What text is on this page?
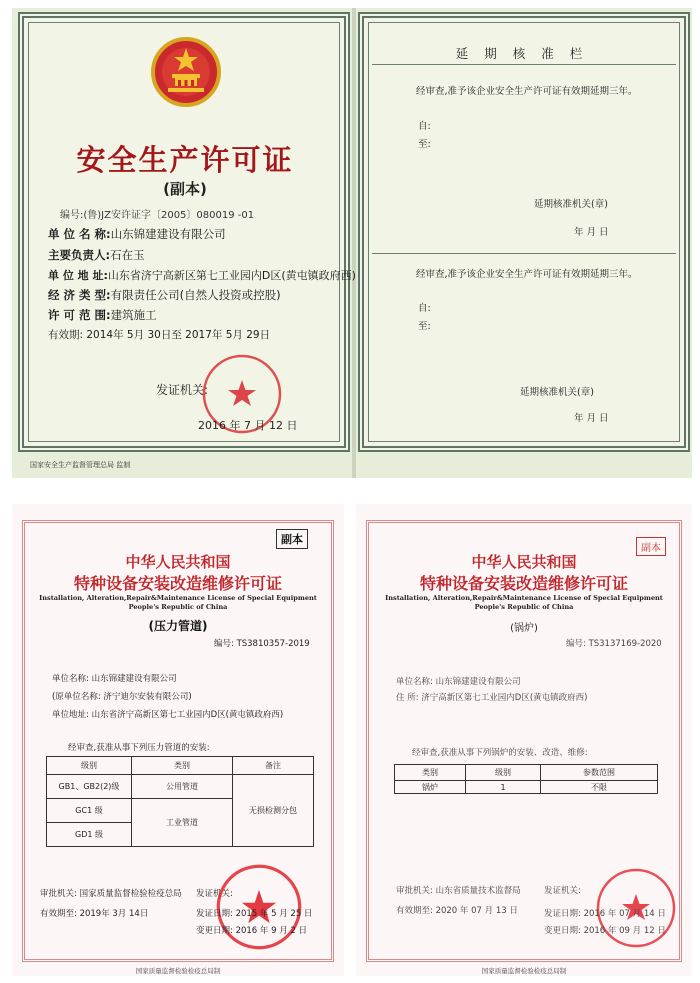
安全生产许可证
(副本)
编号:(鲁)JZ安许证字〔2005〕080019 -01
单 位 名 称:山东锦建建设有限公司
主要负责人:石在玉
单 位 地 址:山东省济宁高新区第七工业园内D区(黄屯镇政府西)
经 济 类 型:有限责任公司(自然人投资或控股)
许 可 范 围:建筑施工
有效期: 2014年 5月 30日至 2017年 5月 29日
发证机关:
2016 年 7 月 12 日
国家安全生产监督管理总局 监制
延 期 核 准 栏
经审查,准予该企业安全生产许可证有效期延期三年。
自:
至:
延期核准机关(章)
年 月 日
经审查,准予该企业安全生产许可证有效期延期三年。
自:
至:
延期核准机关(章)
年 月 日
副本
中华人民共和国
特种设备安装改造维修许可证
Installation, Alteration,Repair&Maintenance License of Special Equipment
People's Republic of China
(压力管道)
编号: TS3810357-2019
单位名称: 山东锦建建设有限公司
(原单位名称: 济宁迪尔安装有限公司)
单位地址: 山东省济宁高新区第七工业园内D区(黄屯镇政府西)
经审查,获准从事下列压力管道的安装:
级别	类别	备注
GB1、GB2(2)级	公用管道	无损检测分包
GC1 级	工业管道	
GD1 级		
审批机关: 国家质量监督检验检疫总局 发证机关:
有效期至: 2019年 3月 14日	发证日期: 2015 年 5 月 25 日
变更日期: 2016 年 9 月 2 日
国家质量监督检验检疫总局制
副本
中华人民共和国
特种设备安装改造维修许可证
Installation, Alteration,Repair&Maintenance License of Special Equipment
People's Republic of China
(锅炉)
编号: TS3137169-2020
单位名称: 山东锦建建设有限公司
住 所: 济宁高新区第七工业园内D区(黄屯镇政府西)
经审查,获准从事下列锅炉的安装、改造、维修:
类别	级别	参数范围
锅炉	1	不限
审批机关: 山东省质量技术监督局	发证机关:
有效期至: 2020 年 07 月 13 日	发证日期: 2016 年 07 月 14 日
变更日期: 2016 年 09 月 12 日
国家质量监督检验检疫总局制
